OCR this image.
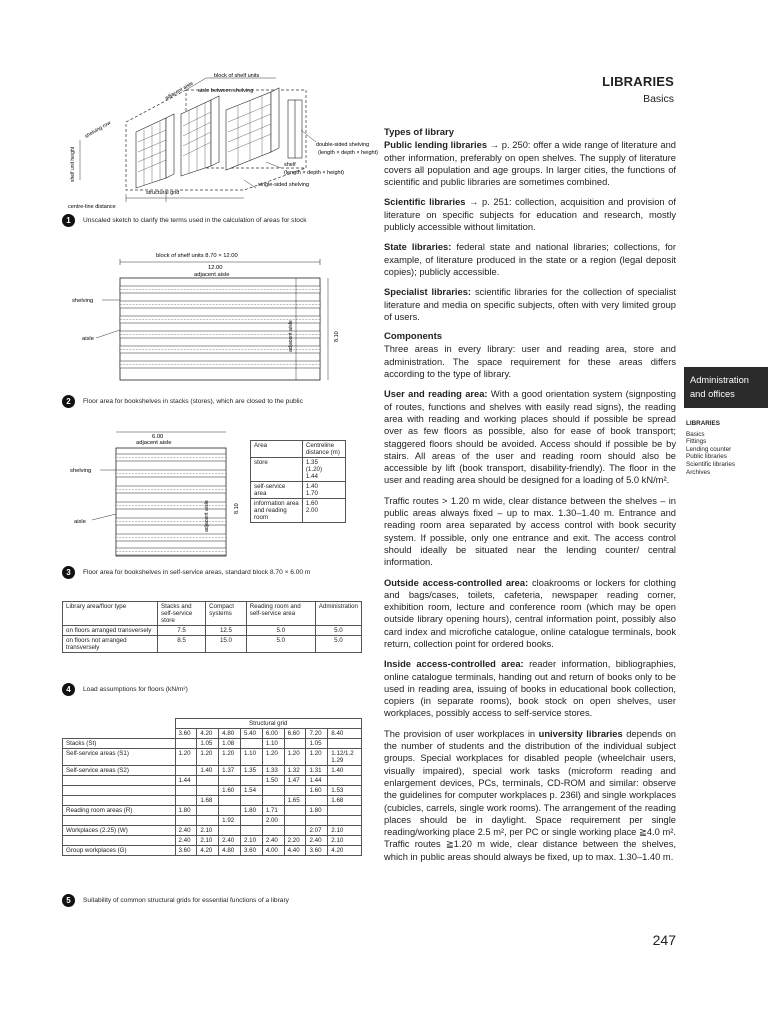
LIBRARIES
Basics
block of shelf units
aisle between shelving
adjacent aisle
shelving row
shelf unit height
double-sided shelving
(length × depth × height)
shelf
(length × depth × height)
single-sided shelving
structural grid
centre-line distance
1	Unscaled sketch to clarify the terms used in the calculation of areas for stock
block of shelf units 8.70 × 12.00
12.00
adjacent aisle
shelving
aisle	8.10
adjacent aisle
2	Floor area for bookshelves in stacks (stores), which are closed to the public
6.00
adjacent aisle
shelving
aisle
8.10
adjacent aisle
Area	Centreline distance (m)
store	1.35
(1.20)
1.44
self-service area	1.40
1.70
information area and reading room	1.60
2.00
3	Floor area for bookshelves in self-service areas, standard block 8.70 × 6.00 m
Library area/floor type	Stacks and self-service store	Compact systems	Reading room and self-service area	Administration
on floors arranged transversely	7.5	12.5	5.0	5.0
on floors not arranged transversely	8.5	15.0	5.0	5.0
4	Load assumptions for floors (kN/m²)
	Structural grid							
	3.60	4.20	4.80	5.40	6.00	6.60	7.20	8.40
Stacks (St)		1.05	1.08		1.10		1.05	
Self-service areas (S1)	1.20	1.20	1.20	1.10	1.20	1.20	1.20	1.12/1.2
1.29
Self-service areas (S2)		1.40	1.37	1.35	1.33	1.32	1.31	1.40
	1.44				1.50	1.47	1.44	
			1.60	1.54			1.60	1.53
		1.68				1.65		1.68
Reading room areas (R)	1.80			1.80	1.71		1.80	
			1.92		2.00			
Workplaces (2.25) (W)	2.40	2.10					2.07	2.10
	2.40	2.10	2.40	2.10	2.40	2.20	2.40	2.10
Group workplaces (G)	3.60	4.20	4.80	3.60	4.00	4.40	3.60	4.20
5	Suitability of common structural grids for essential functions of a library
Types of library

Public lending libraries → p. 250: offer a wide range of literature and other information, preferably on open shelves. The supply of literature covers all population and age groups. In larger cities, the functions of scientific and public libraries are sometimes combined.

Scientific libraries → p. 251: collection, acquisition and provision of literature on specific subjects for education and research, mostly publicly accessible without limitation.

State libraries: federal state and national libraries; collections, for example, of literature produced in the state or a region (legal deposit copies); publicly accessible.

Specialist libraries: scientific libraries for the collection of specialist literature and media on specific subjects, often with very limited group of users.

Components

Three areas in every library: user and reading area, store and administration. The space requirement for these areas differs according to the type of library.

User and reading area: With a good orientation system (signposting of routes, functions and shelves with easily read signs), the reading area with reading and working places should if possible be spread over as few floors as possible, also for ease of book transport; staggered floors should be avoided. Access should if possible be by stairs. All areas of the user and reading room should also be accessible by lift (book transport, disability-friendly). The floor in the user and reading area should be designed for a loading of 5.0 kN/m².

Traffic routes > 1.20 m wide, clear distance between the shelves – in public areas always fixed – up to max. 1.30–1.40 m. Entrance and reading room area separated by access control with book security system. If possible, only one entrance and exit. The access control should ideally be situated near the lending counter/ central information.

Outside access-controlled area: cloakrooms or lockers for clothing and bags/cases, toilets, cafeteria, newspaper reading corner, exhibition room, lecture and conference room (which may be open outside library opening hours), central information point, possibly also card index and microfiche catalogue, online catalogue terminals, book return, collection point for ordered books.

Inside access-controlled area: reader information, bibliographies, online catalogue terminals, handing out and return of books only to be used in reading area, issuing of books in educational book collection, copiers (in separate rooms), book stock on open shelves, user workplaces, possibly access to self-service stores.

The provision of user workplaces in university libraries depends on the number of students and the distribution of the individual subject groups. Special workplaces for disabled people (wheelchair users, visually impaired), special work tasks (microform reading and enlargement devices, PCs, terminals, CD-ROM and similar: observe the guidelines for computer workplaces p. 236l) and single workplaces (cubicles, carrels, single work rooms). The arrangement of the reading places should be in daylight. Space requirement per single reading/working place 2.5 m², per PC or single working place ≧4.0 m². Traffic routes ≧1.20 m wide, clear distance between the shelves, which in public areas should always be fixed, up to max. 1.30–1.40 m.

Administration
and offices
LIBRARIES
Basics
Fittings
Lending counter
Public libraries
Scientific libraries
Archives
247
